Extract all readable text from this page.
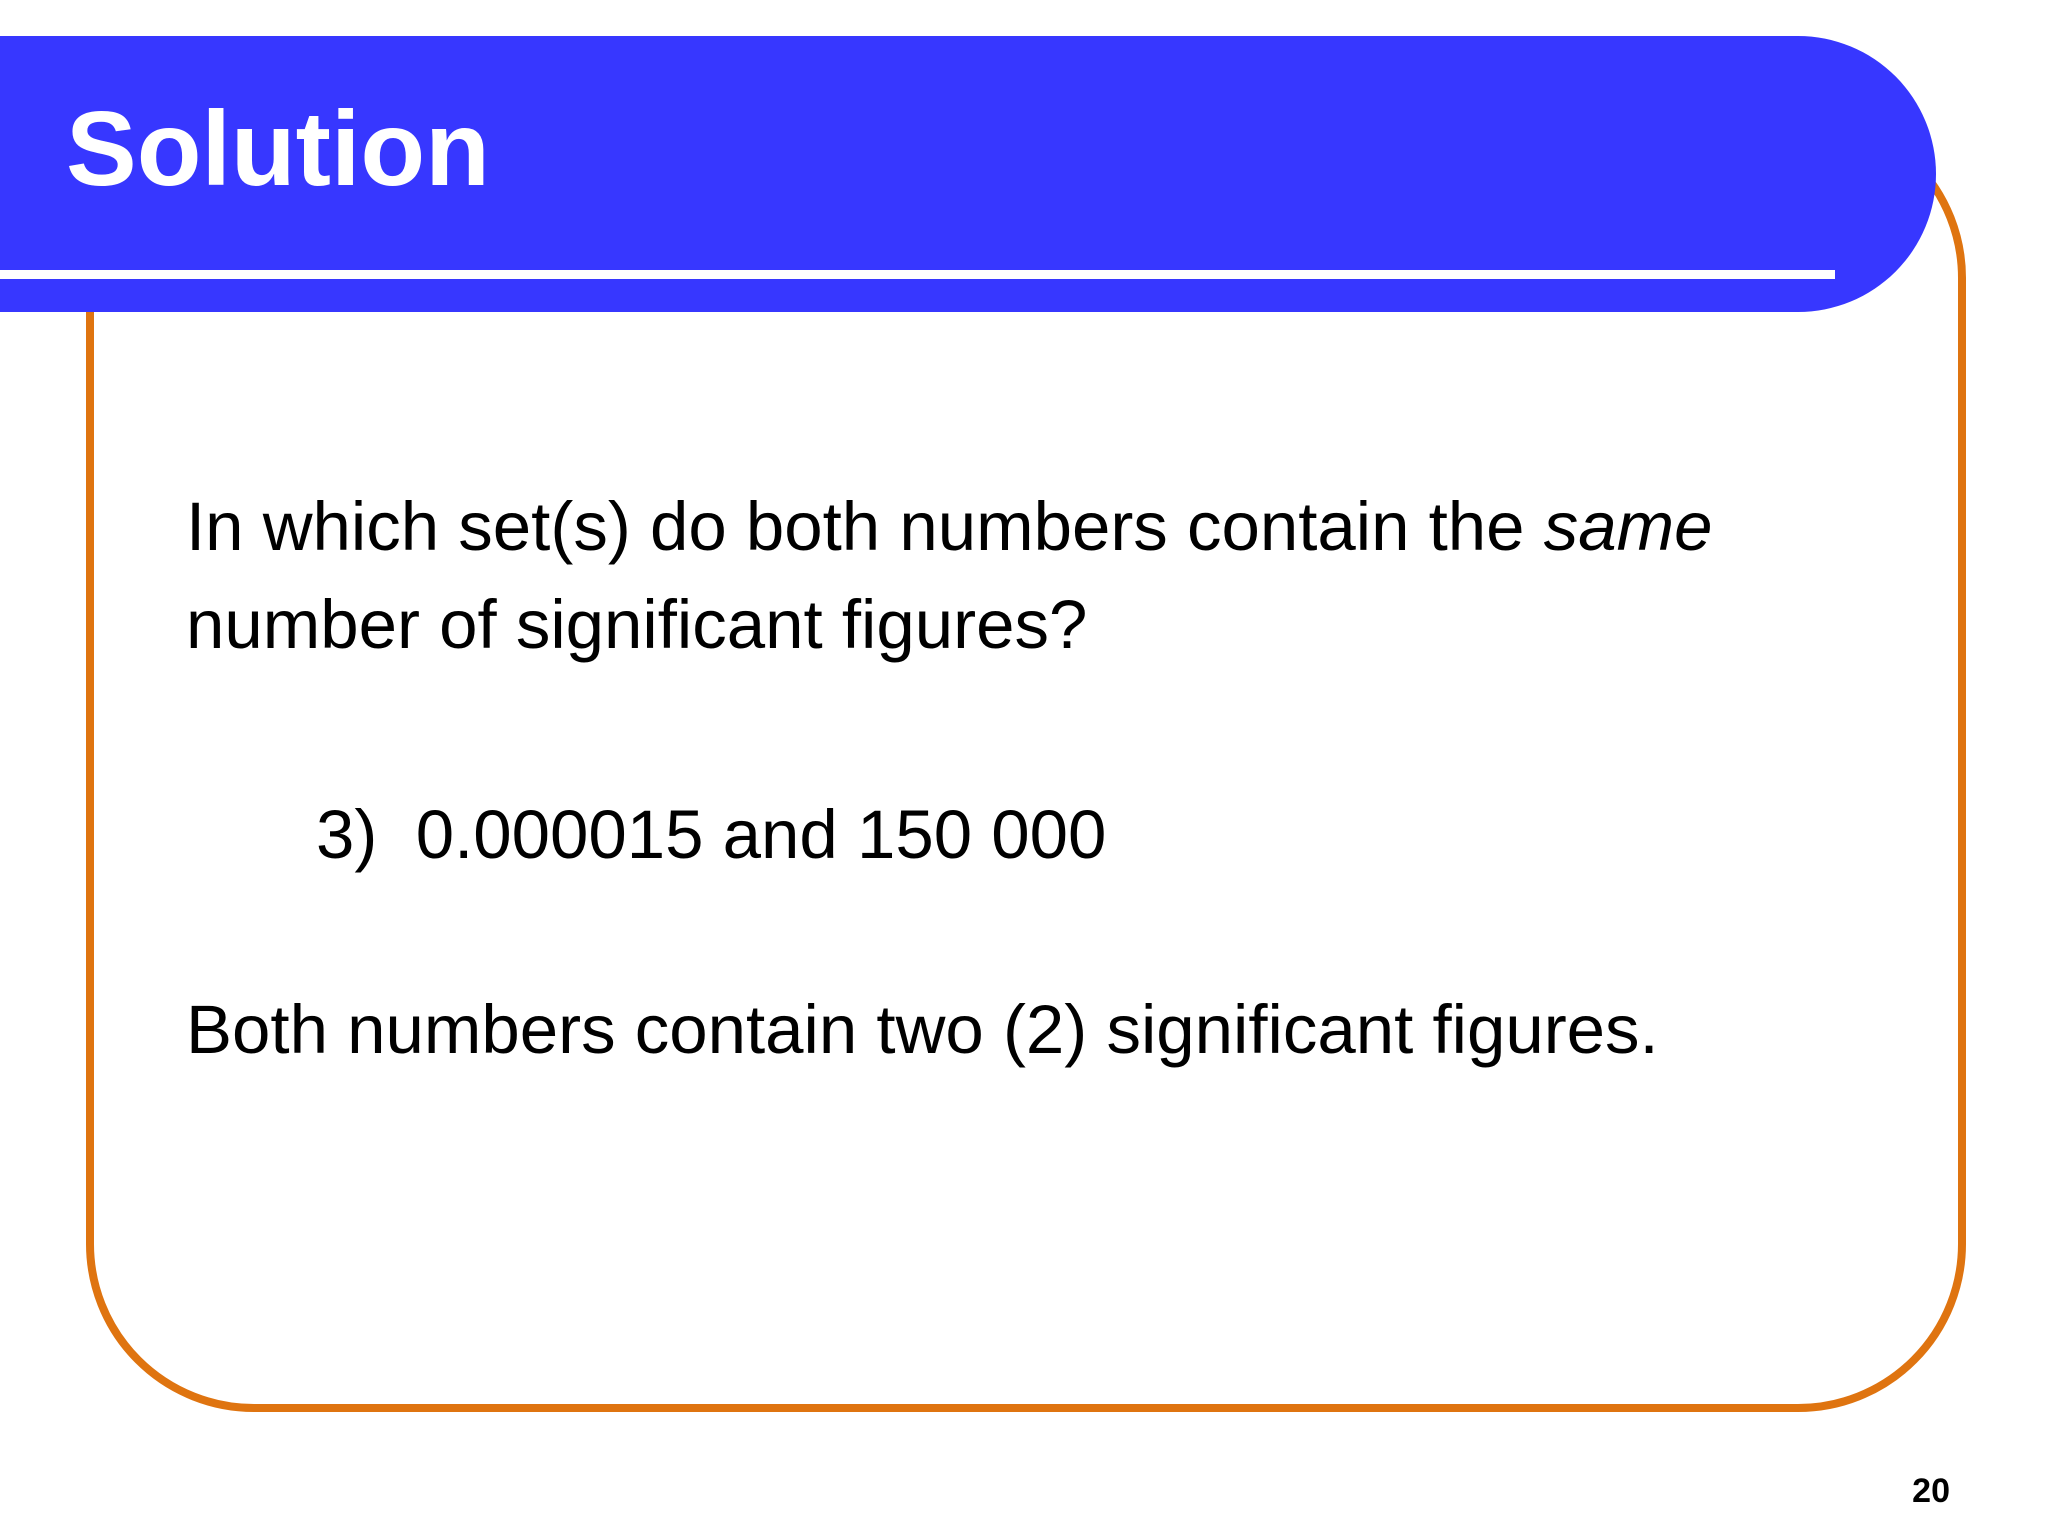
Solution

In which set(s) do both numbers contain the same number of significant figures?

3) 0.000015 and 150 000

Both numbers contain two (2) significant figures.

20
